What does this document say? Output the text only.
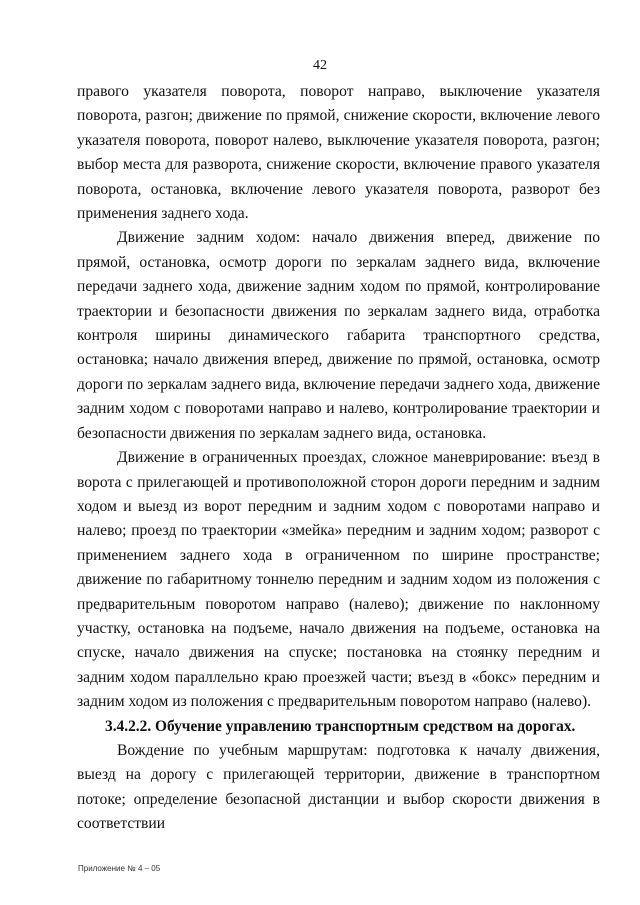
42

правого указателя поворота, поворот направо, выключение указателя поворота, разгон; движение по прямой, снижение скорости, включение левого указателя поворота, поворот налево, выключение указателя поворота, разгон; выбор места для разворота, снижение скорости, включение правого указателя поворота, остановка, включение левого указателя поворота, разворот без применения заднего хода.

Движение задним ходом: начало движения вперед, движение по прямой, остановка, осмотр дороги по зеркалам заднего вида, включение передачи заднего хода, движение задним ходом по прямой, контролирование траектории и безопасности движения по зеркалам заднего вида, отработка контроля ширины динамического габарита транспортного средства, остановка; начало движения вперед, движение по прямой, остановка, осмотр дороги по зеркалам заднего вида, включение передачи заднего хода, движение задним ходом с поворотами направо и налево, контролирование траектории и безопасности движения по зеркалам заднего вида, остановка.

Движение в ограниченных проездах, сложное маневрирование: въезд в ворота с прилегающей и противоположной сторон дороги передним и задним ходом и выезд из ворот передним и задним ходом с поворотами направо и налево; проезд по траектории «змейка» передним и задним ходом; разворот с применением заднего хода в ограниченном по ширине пространстве; движение по габаритному тоннелю передним и задним ходом из положения с предварительным поворотом направо (налево); движение по наклонному участку, остановка на подъеме, начало движения на подъеме, остановка на спуске, начало движения на спуске; постановка на стоянку передним и задним ходом параллельно краю проезжей части; въезд в «бокс» передним и задним ходом из положения с предварительным поворотом направо (налево).

3.4.2.2. Обучение управлению транспортным средством на дорогах.

Вождение по учебным маршрутам: подготовка к началу движения, выезд на дорогу с прилегающей территории, движение в транспортном потоке; определение безопасной дистанции и выбор скорости движения в соответствии

Приложение № 4 – 05
